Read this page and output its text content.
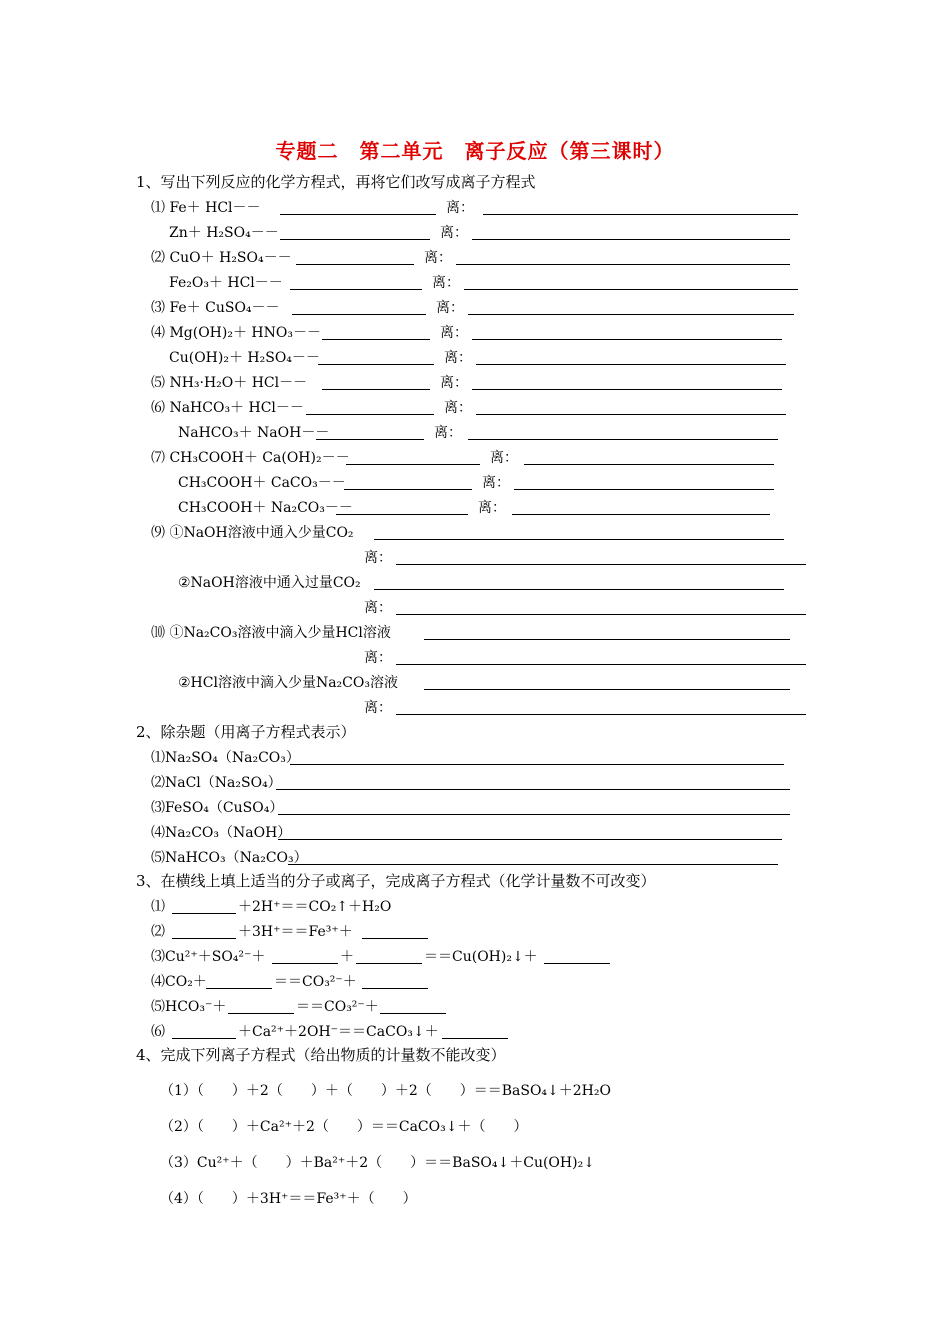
专题二　第二单元　离子反应（第三课时）
1、写出下列反应的化学方程式，再将它们改写成离子方程式
⑴ Fe＋ HCl－－	离：
Zn＋ H₂SO₄－－	离：
⑵ CuO＋ H₂SO₄－－	离：
Fe₂O₃＋ HCl－－	离：
⑶ Fe＋ CuSO₄－－	离：
⑷ Mg(OH)₂＋ HNO₃－－	离：
Cu(OH)₂＋ H₂SO₄－－	离：
⑸ NH₃·H₂O＋ HCl－－	离：
⑹ NaHCO₃＋ HCl－－	离：
NaHCO₃＋ NaOH－－	离：
⑺ CH₃COOH＋ Ca(OH)₂－－	离：
CH₃COOH＋ CaCO₃－－	离：
CH₃COOH＋ Na₂CO₃－－	离：
⑼ ①NaOH溶液中通入少量CO₂
离：
②NaOH溶液中通入过量CO₂
离：
⑽ ①Na₂CO₃溶液中滴入少量HCl溶液
离：
②HCl溶液中滴入少量Na₂CO₃溶液
离：
2、除杂题（用离子方程式表示）
⑴Na₂SO₄（Na₂CO₃）
⑵NaCl（Na₂SO₄）
⑶FeSO₄（CuSO₄）
⑷Na₂CO₃（NaOH）
⑸NaHCO₃（Na₂CO₃）
3、在横线上填上适当的分子或离子，完成离子方程式（化学计量数不可改变）
⑴	＋2H⁺＝＝CO₂↑＋H₂O
⑵	＋3H⁺＝＝Fe³⁺＋
⑶Cu²⁺＋SO₄²⁻＋	＋	＝＝Cu(OH)₂↓＋
⑷CO₂＋	＝＝CO₃²⁻＋
⑸HCO₃⁻＋	＝＝CO₃²⁻＋
⑹	＋Ca²⁺＋2OH⁻＝＝CaCO₃↓＋
4、完成下列离子方程式（给出物质的计量数不能改变）
（1）（　　）＋2（　　）＋（　　）＋2（　　）＝＝BaSO₄↓＋2H₂O
（2）（　　）＋Ca²⁺＋2（　　）＝＝CaCO₃↓＋（　　）
（3）Cu²⁺＋（　　）＋Ba²⁺＋2（　　）＝＝BaSO₄↓＋Cu(OH)₂↓
（4）（　　）＋3H⁺＝＝Fe³⁺＋（　　）
